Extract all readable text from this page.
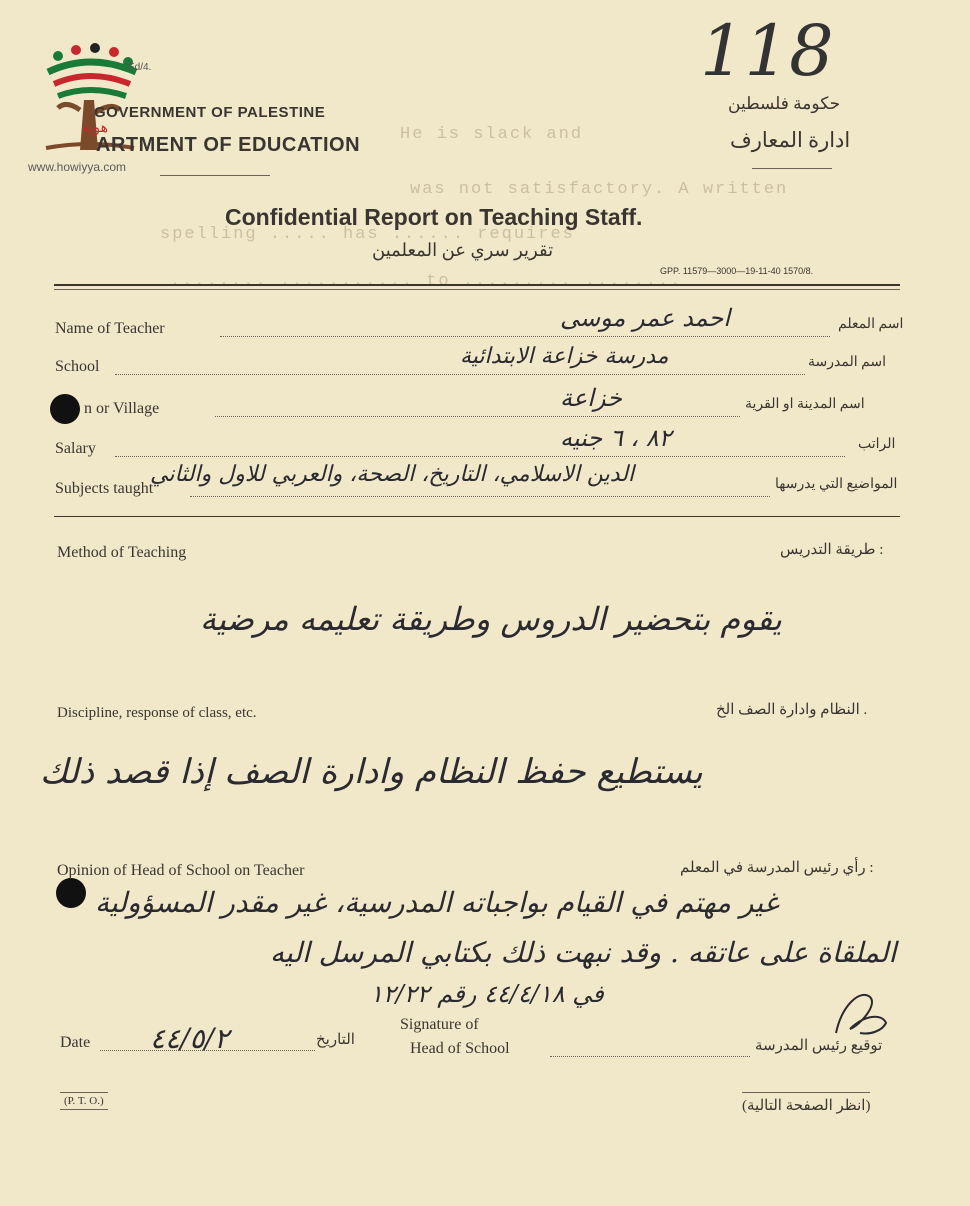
He is slack and
was not satisfactory. A written
spelling ..... has ...... requires
........ ........... to ......... ........
هوية
www.howiyya.com
Ed/4.
GOVERNMENT OF PALESTINE
ARTMENT OF EDUCATION
حكومة فلسطين
ادارة المعارف
118
Confidential Report on Teaching Staff.
تقرير سري عن المعلمين
GPP. 11579—3000—19-11-40 1570/8.
Name of Teacher	احمد عمر موسى	اسم المعلم
School	مدرسة خزاعة الابتدائية	اسم المدرسة
n or Village	خزاعة	اسم المدينة او القرية
Salary	٨٢ ، ٦ جنيه	الراتب
Subjects taught
الدين الاسلامي، التاريخ، الصحة، والعربي للاول والثاني	المواضيع التي يدرسها
Method of Teaching	طريقة التدريس :
يقوم بتحضير الدروس وطريقة تعليمه مرضية
Discipline, response of class, etc.	النظام وادارة الصف الخ .
يستطيع حفظ النظام وادارة الصف إذا قصد ذلك
Opinion of Head of School on Teacher	رأي رئيس المدرسة في المعلم :
غير مهتم في القيام بواجباته المدرسية، غير مقدر المسؤولية
الملقاة على عاتقه . وقد نبهت ذلك بكتابي المرسل اليه
في ٤٤/٤/١٨ رقم ١٢/٢٢
Date ٤٤/٥/٢	التاريخ
Signature of
Head of School	توقيع رئيس المدرسة
(P. T. O.)	(انظر الصفحة التالية)
